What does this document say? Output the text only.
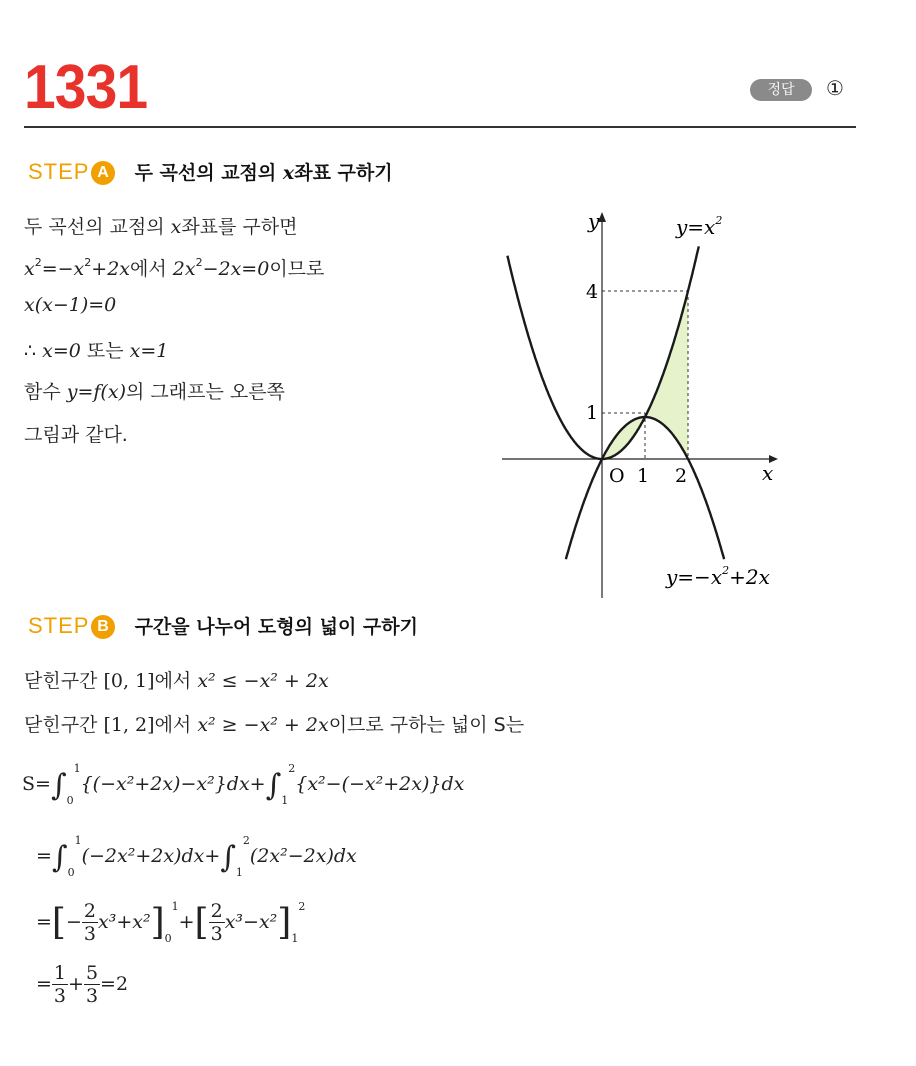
1331	정답	①
STEP A 두 곡선의 교점의 x좌표 구하기
두 곡선의 교점의 x좌표를 구하면
$x^2=-x^2+2x$에서 $2x^2-2x=0$이므로
x(x−1)=0
∴ x=0 또는 x=1
함수 y=f(x)의 그래프는 오른쪽
그림과 같다.
y
x
O 1 2
4
1
$y=x^2$
$y=-x^2+2x$
STEP B 구간을 나누어 도형의 넓이 구하기
닫힌구간 [0, 1]에서 x² ≤ −x² + 2x
닫힌구간 [1, 2]에서 x² ≥ −x² + 2x이므로 구하는 넓이 S는
$S=\int_0^1\{(-x^2+2x)-x^2\}dx+\int_1^2\{x^2-(-x^2+2x)\}dx$
$=\int_0^1(-2x^2+2x)dx+\int_1^2(2x^2-2x)dx$
=[− $\frac{2}{3} x^3+x^2]_0^1+[ \frac{2}{3} x^3-x^2]_1^2$
= $\frac{1}{3} + \frac{5}{3} =2$
